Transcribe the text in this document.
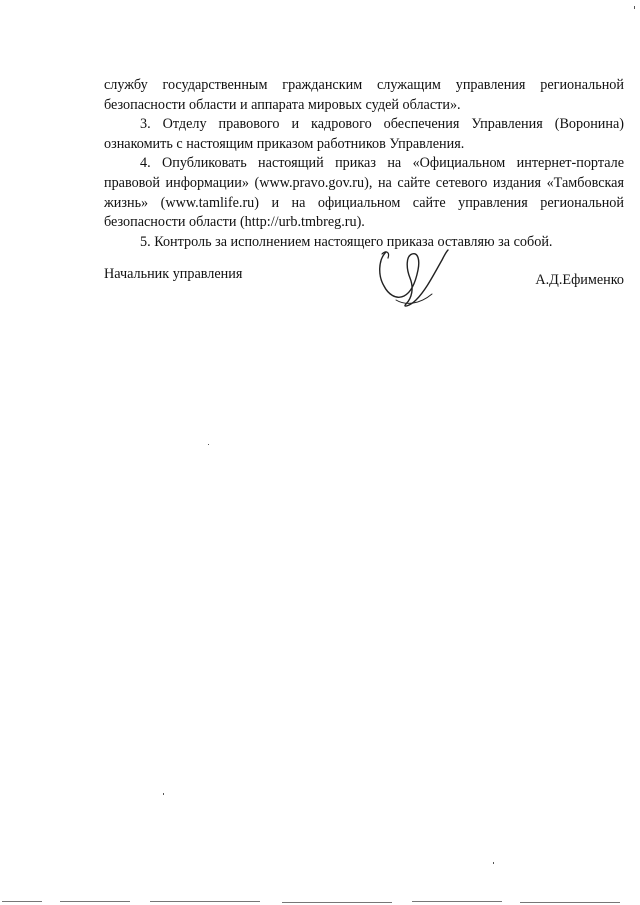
службу государственным гражданским служащим управления региональной безопасности области и аппарата мировых судей области».

3. Отделу правового и кадрового обеспечения Управления (Воронина) ознакомить с настоящим приказом работников Управления.

4. Опубликовать настоящий приказ на «Официальном интернет-портале правовой информации» (www.pravo.gov.ru), на сайте сетевого издания «Тамбовская жизнь» (www.tamlife.ru) и на официальном сайте управления региональной безопасности области (http://urb.tmbreg.ru).

5. Контроль за исполнением настоящего приказа оставляю за собой.

Начальник управления	А.Д.Ефименко
